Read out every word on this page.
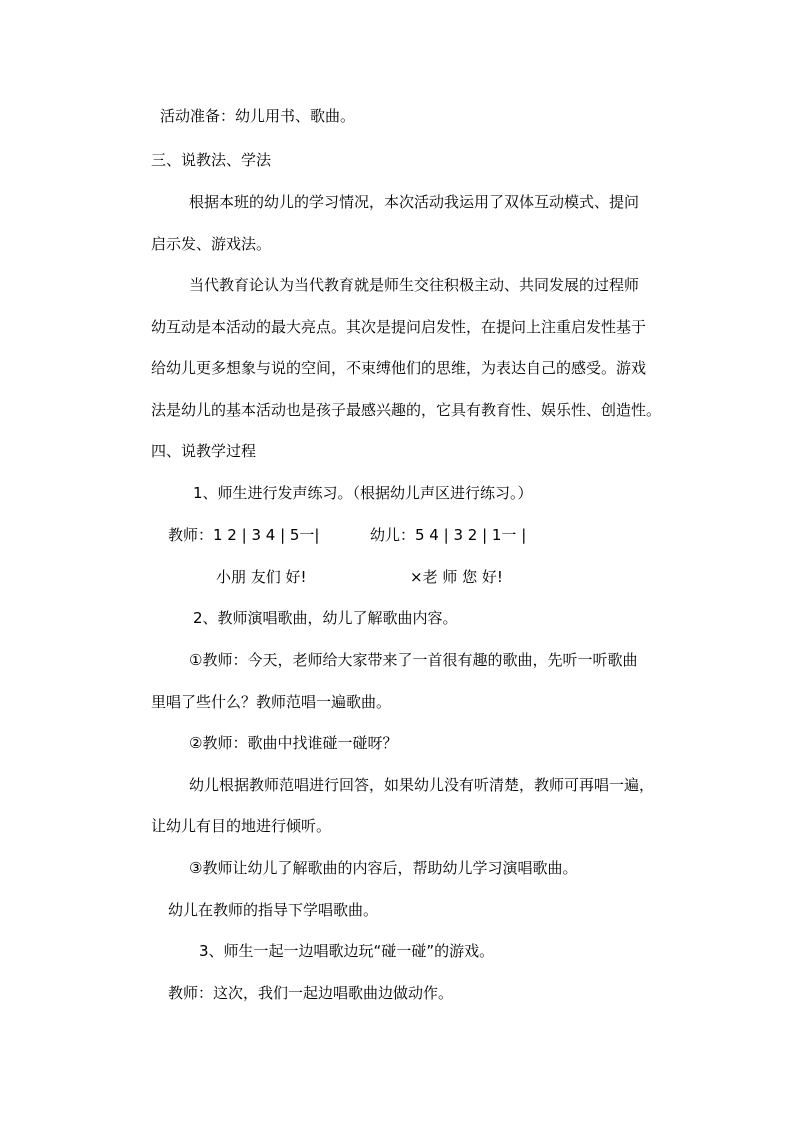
活动准备：幼儿用书、歌曲。
三、说教法、学法
根据本班的幼儿的学习情况，本次活动我运用了双体互动模式、提问
启示发、游戏法。
当代教育论认为当代教育就是师生交往积极主动、共同发展的过程师
幼互动是本活动的最大亮点。其次是提问启发性，在提问上注重启发性基于
给幼儿更多想象与说的空间，不束缚他们的思维，为表达自己的感受。游戏
法是幼儿的基本活动也是孩子最感兴趣的，它具有教育性、娱乐性、创造性。
四、说教学过程
1、师生进行发声练习。（根据幼儿声区进行练习。）
教师：1 2 | 3 4 | 5一|	幼儿：5 4 | 3 2 | 1一 |
小朋 友们 好!	×老 师 您 好!
2、教师演唱歌曲，幼儿了解歌曲内容。
①教师：今天，老师给大家带来了一首很有趣的歌曲，先听一听歌曲
里唱了些什么？教师范唱一遍歌曲。
②教师：歌曲中找谁碰一碰呀？
幼儿根据教师范唱进行回答，如果幼儿没有听清楚，教师可再唱一遍，
让幼儿有目的地进行倾听。
③教师让幼儿了解歌曲的内容后，帮助幼儿学习演唱歌曲。
幼儿在教师的指导下学唱歌曲。
3、师生一起一边唱歌边玩“碰一碰”的游戏。
教师：这次，我们一起边唱歌曲边做动作。
